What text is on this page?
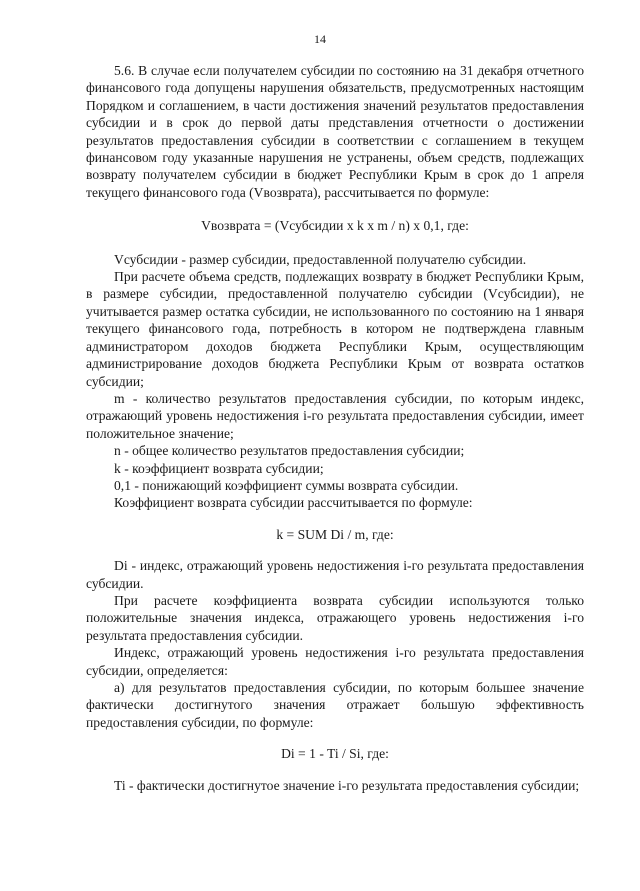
14

5.6. В случае если получателем субсидии по состоянию на 31 декабря отчетного финансового года допущены нарушения обязательств, предусмотренных настоящим Порядком и соглашением, в части достижения значений результатов предоставления субсидии и в срок до первой даты представления отчетности о достижении результатов предоставления субсидии в соответствии с соглашением в текущем финансовом году указанные нарушения не устранены, объем средств, подлежащих возврату получателем субсидии в бюджет Республики Крым в срок до 1 апреля текущего финансового года (Vвозврата), рассчитывается по формуле:

Vвозврата = (Vсубсидии х k х m / n) х 0,1, где:

Vсубсидии - размер субсидии, предоставленной получателю субсидии.

При расчете объема средств, подлежащих возврату в бюджет Республики Крым, в размере субсидии, предоставленной получателю субсидии (Vсубсидии), не учитывается размер остатка субсидии, не использованного по состоянию на 1 января текущего финансового года, потребность в котором не подтверждена главным администратором доходов бюджета Республики Крым, осуществляющим администрирование доходов бюджета Республики Крым от возврата остатков субсидии;

m - количество результатов предоставления субсидии, по которым индекс, отражающий уровень недостижения i-го результата предоставления субсидии, имеет положительное значение;

n - общее количество результатов предоставления субсидии;

k - коэффициент возврата субсидии;

0,1 - понижающий коэффициент суммы возврата субсидии.

Коэффициент возврата субсидии рассчитывается по формуле:

k = SUM Di / m, где:

Di - индекс, отражающий уровень недостижения i-го результата предоставления субсидии.

При расчете коэффициента возврата субсидии используются только положительные значения индекса, отражающего уровень недостижения i-го результата предоставления субсидии.

Индекс, отражающий уровень недостижения i-го результата предоставления субсидии, определяется:

а) для результатов предоставления субсидии, по которым большее значение фактически достигнутого значения отражает большую эффективность предоставления субсидии, по формуле:

Di = 1 - Ti / Si, где:

Ti - фактически достигнутое значение i-го результата предоставления субсидии;
